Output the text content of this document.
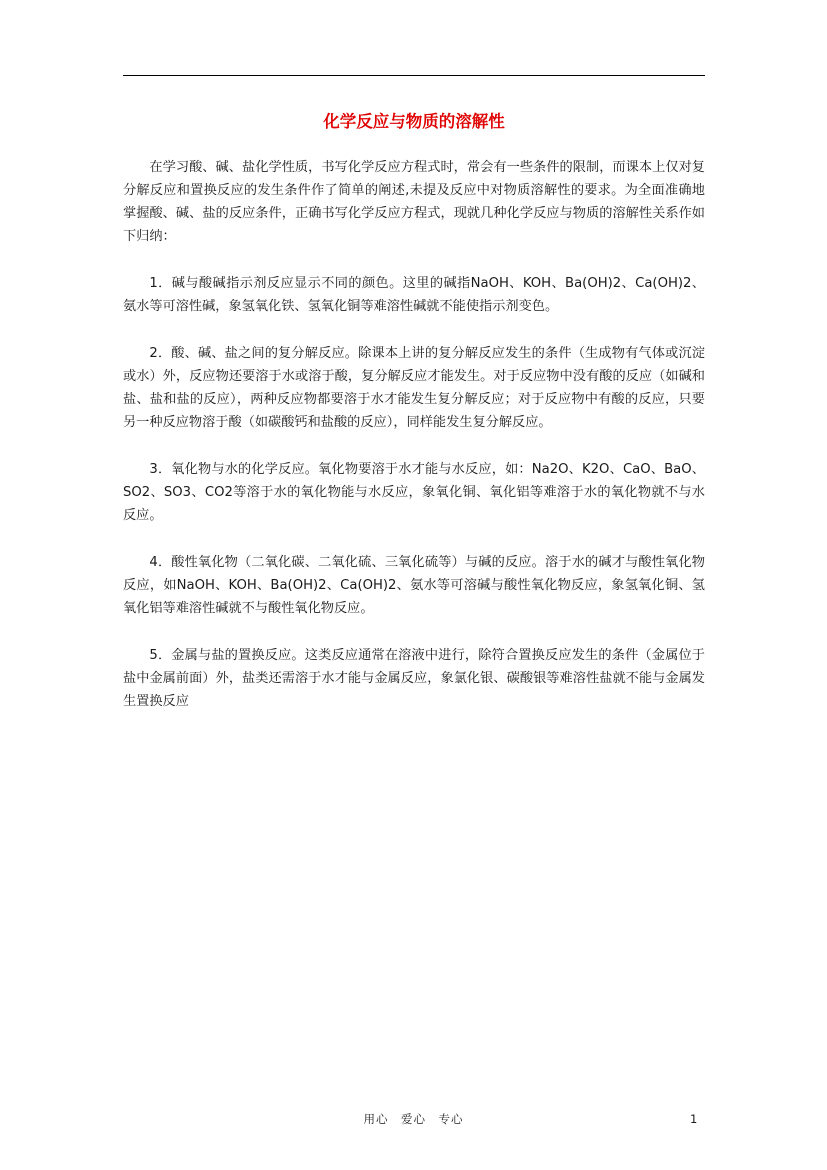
化学反应与物质的溶解性

在学习酸、碱、盐化学性质，书写化学反应方程式时，常会有一些条件的限制，而课本上仅对复分解反应和置换反应的发生条件作了简单的阐述,未提及反应中对物质溶解性的要求。为全面准确地掌握酸、碱、盐的反应条件，正确书写化学反应方程式，现就几种化学反应与物质的溶解性关系作如下归纳：

1．碱与酸碱指示剂反应显示不同的颜色。这里的碱指NaOH、KOH、Ba(OH)2、Ca(OH)2、氨水等可溶性碱，象氢氧化铁、氢氧化铜等难溶性碱就不能使指示剂变色。

2．酸、碱、盐之间的复分解反应。除课本上讲的复分解反应发生的条件（生成物有气体或沉淀或水）外，反应物还要溶于水或溶于酸，复分解反应才能发生。对于反应物中没有酸的反应（如碱和盐、盐和盐的反应），两种反应物都要溶于水才能发生复分解反应；对于反应物中有酸的反应，只要另一种反应物溶于酸（如碳酸钙和盐酸的反应），同样能发生复分解反应。

3．氧化物与水的化学反应。氧化物要溶于水才能与水反应，如：Na2O、K2O、CaO、BaO、SO2、SO3、CO2等溶于水的氧化物能与水反应，象氧化铜、氧化铝等难溶于水的氧化物就不与水反应。

4．酸性氧化物（二氧化碳、二氧化硫、三氧化硫等）与碱的反应。溶于水的碱才与酸性氧化物反应，如NaOH、KOH、Ba(OH)2、Ca(OH)2、氨水等可溶碱与酸性氧化物反应，象氢氧化铜、氢氧化铝等难溶性碱就不与酸性氧化物反应。

5．金属与盐的置换反应。这类反应通常在溶液中进行，除符合置换反应发生的条件（金属位于盐中金属前面）外，盐类还需溶于水才能与金属反应，象氯化银、碳酸银等难溶性盐就不能与金属发生置换反应

用心　爱心　专心	1
